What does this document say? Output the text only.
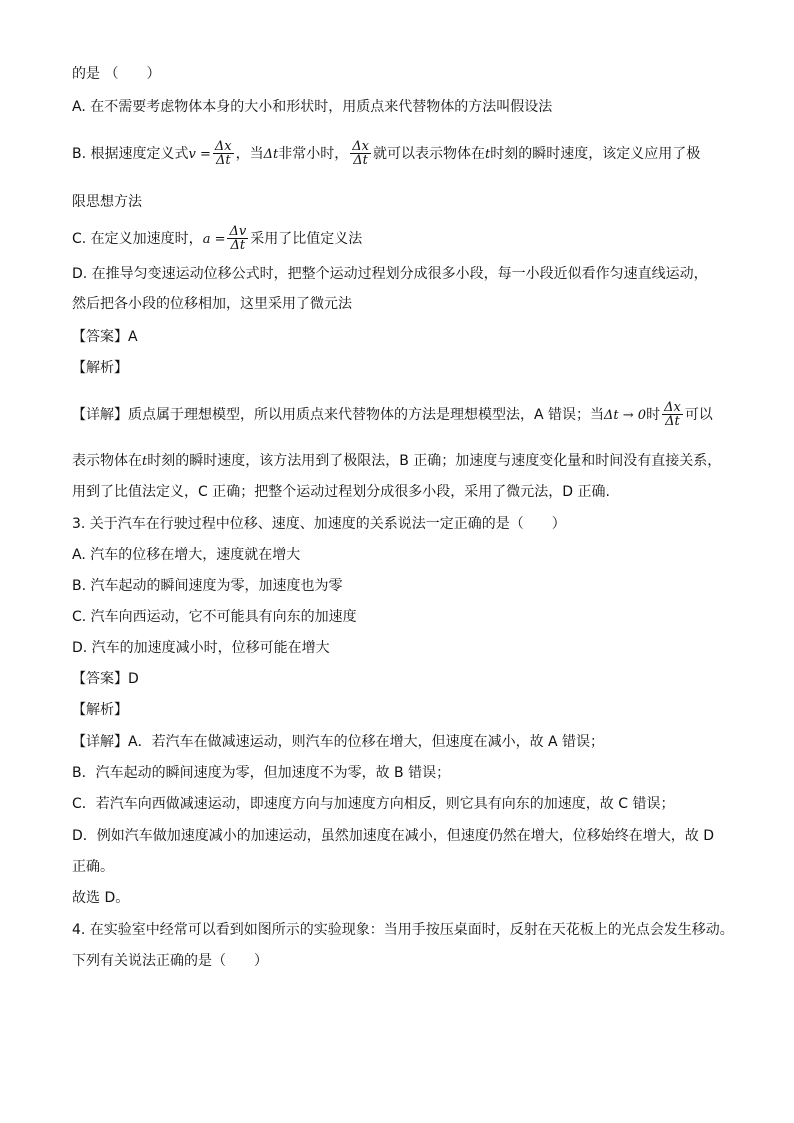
的是 （　　）
A. 在不需要考虑物体本身的大小和形状时，用质点来代替物体的方法叫假设法
B. 根据速度定义式$v = \frac{\Delta x}{\Delta t}$ ，当Δt非常小时， $\frac{\Delta x}{\Delta t}$ 就可以表示物体在t时刻的瞬时速度，该定义应用了极
限思想方法
C. 在定义加速度时，$a = \frac{\Delta v}{\Delta t}$ 采用了比值定义法
D. 在推导匀变速运动位移公式时，把整个运动过程划分成很多小段，每一小段近似看作匀速直线运动，
然后把各小段的位移相加，这里采用了微元法
【答案】A
【解析】
【详解】质点属于理想模型，所以用质点来代替物体的方法是理想模型法，A 错误；当Δt → 0时 $\frac{\Delta x}{\Delta t}$ 可以
表示物体在t时刻的瞬时速度，该方法用到了极限法，B 正确；加速度与速度变化量和时间没有直接关系，
用到了比值法定义，C 正确；把整个运动过程划分成很多小段，采用了微元法，D 正确.
3. 关于汽车在行驶过程中位移、速度、加速度的关系说法一定正确的是（　　）
A. 汽车的位移在增大，速度就在增大
B. 汽车起动的瞬间速度为零，加速度也为零
C. 汽车向西运动，它不可能具有向东的加速度
D. 汽车的加速度减小时，位移可能在增大
【答案】D
【解析】
【详解】A．若汽车在做减速运动，则汽车的位移在增大，但速度在减小，故 A 错误；
B．汽车起动的瞬间速度为零，但加速度不为零，故 B 错误；
C．若汽车向西做减速运动，即速度方向与加速度方向相反，则它具有向东的加速度，故 C 错误；
D．例如汽车做加速度减小的加速运动，虽然加速度在减小，但速度仍然在增大，位移始终在增大，故 D
正确。
故选 D。
4. 在实验室中经常可以看到如图所示的实验现象：当用手按压桌面时，反射在天花板上的光点会发生移动。
下列有关说法正确的是（　　）
